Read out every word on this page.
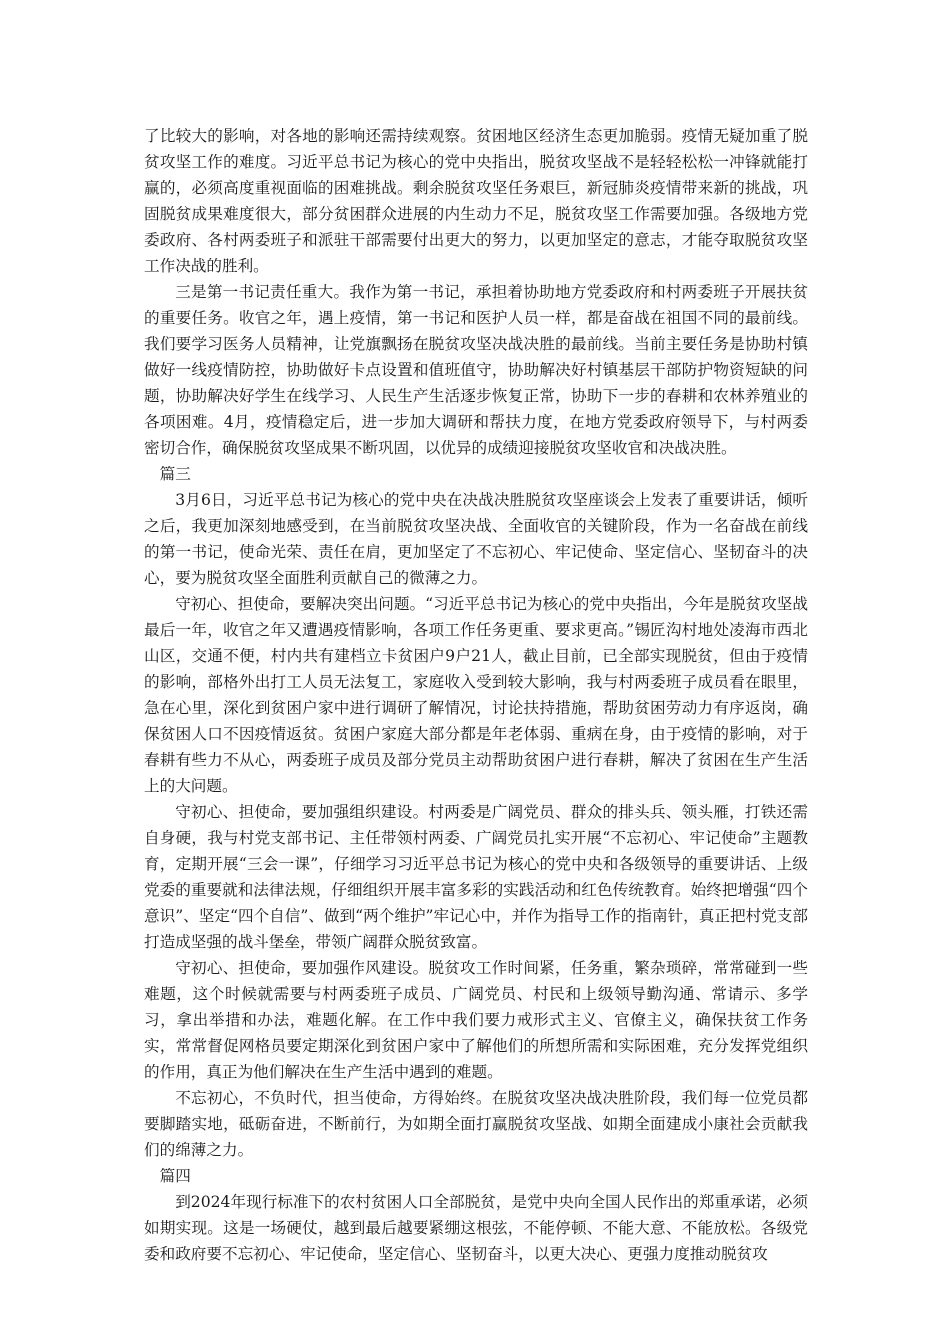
了比较大的影响，对各地的影响还需持续观察。贫困地区经济生态更加脆弱。疫情无疑加重了脱贫攻坚工作的难度。习近平总书记为核心的党中央指出，脱贫攻坚战不是轻轻松松一冲锋就能打赢的，必须高度重视面临的困难挑战。剩余脱贫攻坚任务艰巨，新冠肺炎疫情带来新的挑战，巩固脱贫成果难度很大，部分贫困群众进展的内生动力不足，脱贫攻坚工作需要加强。各级地方党委政府、各村两委班子和派驻干部需要付出更大的努力，以更加坚定的意志，才能夺取脱贫攻坚工作决战的胜利。

三是第一书记责任重大。我作为第一书记，承担着协助地方党委政府和村两委班子开展扶贫的重要任务。收官之年，遇上疫情，第一书记和医护人员一样，都是奋战在祖国不同的最前线。我们要学习医务人员精神，让党旗飘扬在脱贫攻坚决战决胜的最前线。当前主要任务是协助村镇做好一线疫情防控，协助做好卡点设置和值班值守，协助解决好村镇基层干部防护物资短缺的问题，协助解决好学生在线学习、人民生产生活逐步恢复正常，协助下一步的春耕和农林养殖业的各项困难。4月，疫情稳定后，进一步加大调研和帮扶力度，在地方党委政府领导下，与村两委密切合作，确保脱贫攻坚成果不断巩固，以优异的成绩迎接脱贫攻坚收官和决战决胜。

篇三

3月6日，习近平总书记为核心的党中央在决战决胜脱贫攻坚座谈会上发表了重要讲话，倾听之后，我更加深刻地感受到，在当前脱贫攻坚决战、全面收官的关键阶段，作为一名奋战在前线的第一书记，使命光荣、责任在肩，更加坚定了不忘初心、牢记使命、坚定信心、坚韧奋斗的决心，要为脱贫攻坚全面胜利贡献自己的微薄之力。

守初心、担使命，要解决突出问题。“习近平总书记为核心的党中央指出，今年是脱贫攻坚战最后一年，收官之年又遭遇疫情影响，各项工作任务更重、要求更高。”锡匠沟村地处凌海市西北山区，交通不便，村内共有建档立卡贫困户9户21人，截止目前，已全部实现脱贫，但由于疫情的影响，部格外出打工人员无法复工，家庭收入受到较大影响，我与村两委班子成员看在眼里，急在心里，深化到贫困户家中进行调研了解情况，讨论扶持措施，帮助贫困劳动力有序返岗，确保贫困人口不因疫情返贫。贫困户家庭大部分都是年老体弱、重病在身，由于疫情的影响，对于春耕有些力不从心，两委班子成员及部分党员主动帮助贫困户进行春耕，解决了贫困在生产生活上的大问题。

守初心、担使命，要加强组织建设。村两委是广阔党员、群众的排头兵、领头雁，打铁还需自身硬，我与村党支部书记、主任带领村两委、广阔党员扎实开展“不忘初心、牢记使命”主题教育，定期开展“三会一课”，仔细学习习近平总书记为核心的党中央和各级领导的重要讲话、上级党委的重要就和法律法规，仔细组织开展丰富多彩的实践活动和红色传统教育。始终把增强“四个意识”、坚定“四个自信”、做到“两个维护”牢记心中，并作为指导工作的指南针，真正把村党支部打造成坚强的战斗堡垒，带领广阔群众脱贫致富。

守初心、担使命，要加强作风建设。脱贫攻工作时间紧，任务重，繁杂琐碎，常常碰到一些难题，这个时候就需要与村两委班子成员、广阔党员、村民和上级领导勤沟通、常请示、多学习，拿出举措和办法，难题化解。在工作中我们要力戒形式主义、官僚主义，确保扶贫工作务实，常常督促网格员要定期深化到贫困户家中了解他们的所想所需和实际困难，充分发挥党组织的作用，真正为他们解决在生产生活中遇到的难题。

不忘初心，不负时代，担当使命，方得始终。在脱贫攻坚决战决胜阶段，我们每一位党员都要脚踏实地，砥砺奋进，不断前行，为如期全面打赢脱贫攻坚战、如期全面建成小康社会贡献我们的绵薄之力。

篇四

到2024年现行标准下的农村贫困人口全部脱贫，是党中央向全国人民作出的郑重承诺，必须如期实现。这是一场硬仗，越到最后越要紧绷这根弦，不能停顿、不能大意、不能放松。各级党委和政府要不忘初心、牢记使命，坚定信心、坚韧奋斗，以更大决心、更强力度推动脱贫攻
